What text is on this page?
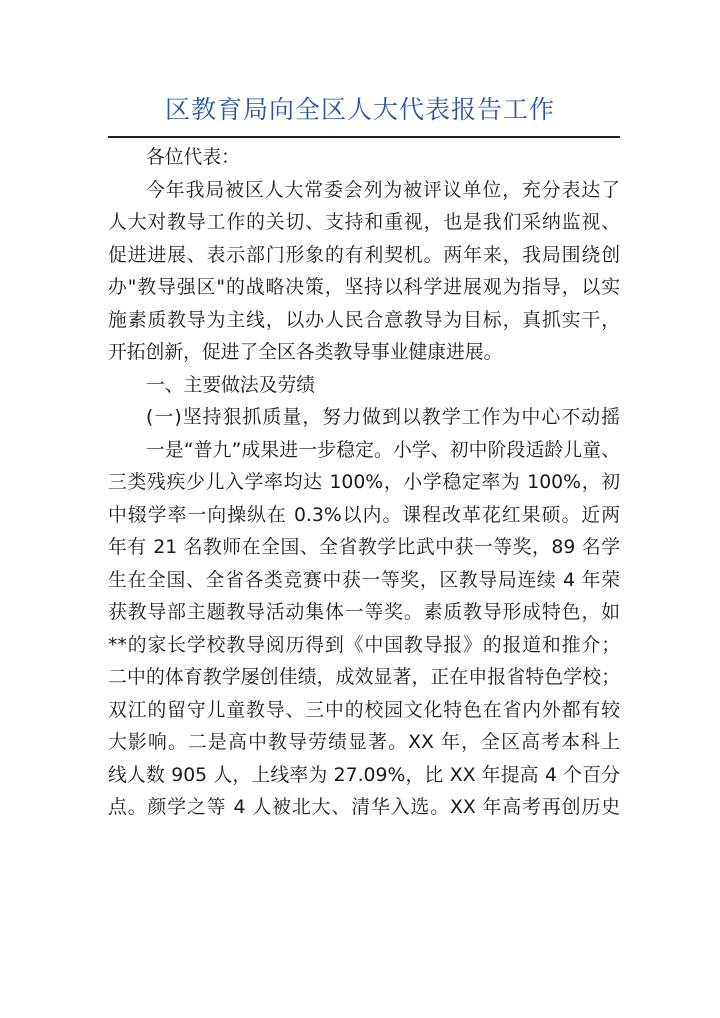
区教育局向全区人大代表报告工作
各位代表：
今年我局被区人大常委会列为被评议单位，充分表达了
人大对教导工作的关切、支持和重视，也是我们采纳监视、
促进进展、表示部门形象的有利契机。两年来，我局围绕创
办"教导强区"的战略决策，坚持以科学进展观为指导，以实
施素质教导为主线，以办人民合意教导为目标，真抓实干，
开拓创新，促进了全区各类教导事业健康进展。
一、主要做法及劳绩
(一)坚持狠抓质量，努力做到以教学工作为中心不动摇
一是“普九”成果进一步稳定。小学、初中阶段适龄儿童、
三类残疾少儿入学率均达 100%，小学稳定率为 100%，初
中辍学率一向操纵在 0.3%以内。课程改革花红果硕。近两
年有 21 名教师在全国、全省教学比武中获一等奖，89 名学
生在全国、全省各类竞赛中获一等奖，区教导局连续 4 年荣
获教导部主题教导活动集体一等奖。素质教导形成特色，如
**的家长学校教导阅历得到《中国教导报》的报道和推介；
二中的体育教学屡创佳绩，成效显著，正在申报省特色学校；
双江的留守儿童教导、三中的校园文化特色在省内外都有较
大影响。二是高中教导劳绩显著。XX 年，全区高考本科上
线人数 905 人，上线率为 27.09%，比 XX 年提高 4 个百分
点。颜学之等 4 人被北大、清华入选。XX 年高考再创历史
